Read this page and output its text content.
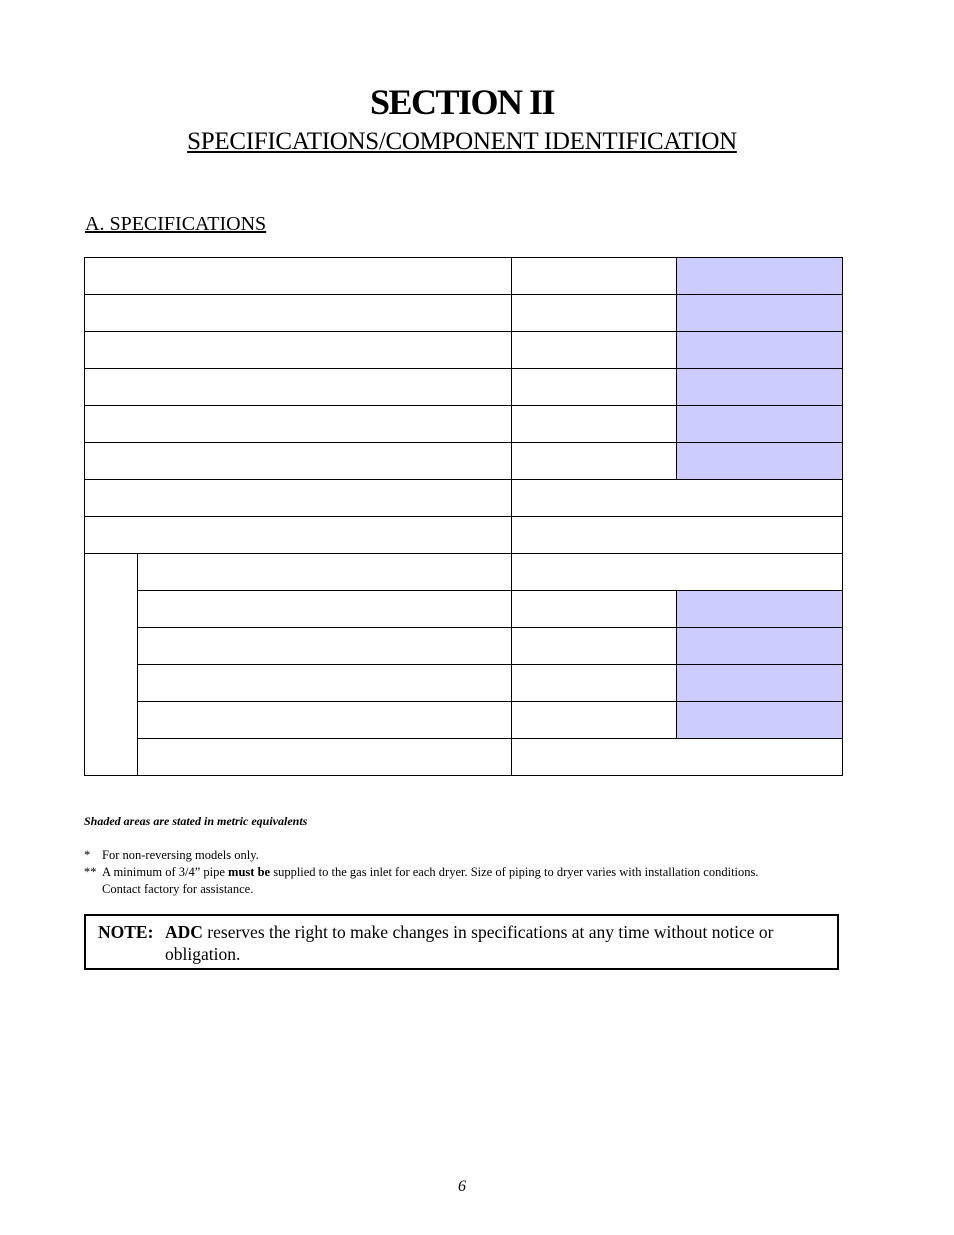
SECTION II
SPECIFICATIONS/COMPONENT IDENTIFICATION
A. SPECIFICATIONS

Shaded areas are stated in metric equivalents
* For non-reversing models only.
** A minimum of 3/4” pipe must be supplied to the gas inlet for each dryer. Size of piping to dryer varies with installation conditions.
Contact factory for assistance.
NOTE: ADC reserves the right to make changes in specifications at any time without notice or obligation.
6
